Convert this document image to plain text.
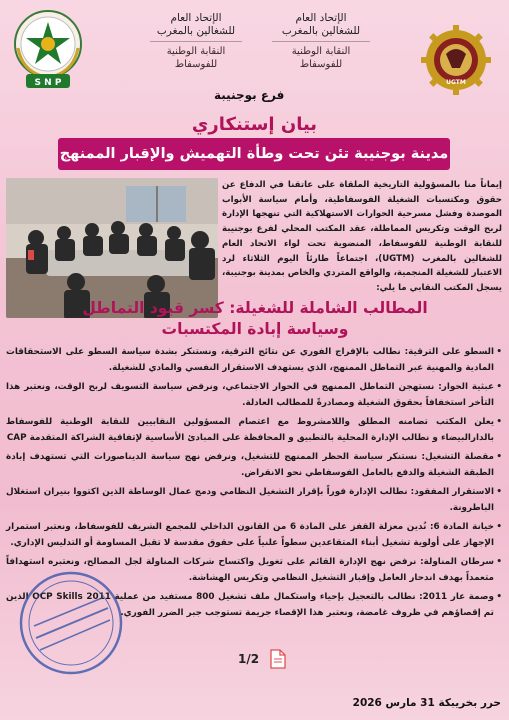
S N P
الإتحاد العام
للشغالين بالمغرب
النقابة الوطنية
للفوسفاط
الإتحاد العام
للشغالين بالمغرب
النقابة الوطنية
للفوسفاط
UGTM
فرع بوجنيبة
بيان إستنكاري
مدينة بوجنيبة تئن تحت وطأة التهميش والإقبار الممنهج

إيماناً منا بالمسؤولية التاريخية الملقاة على عاتقنا في الدفاع عن حقوق ومكتسبات الشغيلة الفوسفاطية، وأمام سياسة الأبواب الموصدة وفشل مسرحية الحوارات الاستهلاكية التي تنهجها الإدارة لربح الوقت وتكريس المماطلة، عقد المكتب المحلي لفرع بوجنيبة للنقابة الوطنية للفوسفاط، المنضوية تحت لواء الاتحاد العام للشغالين بالمغرب (UGTM)، اجتماعاً طارئاً اليوم الثلاثاء لرد الاعتبار للشغيلة المنجمية، والواقع المتردي والخاص بمدينة بوجنيبة، يسجل المكتب النقابي ما يلي:

المطالب الشاملة للشغيلة: كسر قيود التماطل
وسياسة إبادة المكتسبات
• السطو على الترقية: نطالب بالإفراج الفوري عن نتائج الترقية، ونستنكر بشدة سياسة السطو على الاستحقاقات المادية والمهنية عبر التماطل الممنهج، الذي يستهدف الاستقرار النفسي والمادي للشغيلة.
• عبثية الحوار: نستهجن التماطل الممنهج في الحوار الاجتماعي، ونرفض سياسة التسويف لربح الوقت، ونعتبر هذا التأخر استخفافاً بحقوق الشغيلة ومصادرةً للمطالب العادلة.
• يعلن المكتب تضامنه المطلق واللامشروط مع اعتصام المسؤولين النقابيين للنقابة الوطنية للفوسفاط بالدارالبيضاء و نطالب الإدارة المحلية بالتطبيق و المحافظة على المبادئ الأساسية لإتفاقية الشراكة المتقدمة CAP
• مقصلة التشغيل: نستنكر سياسة الحظر الممنهج للتشغيل، ونرفض نهج سياسة الديناصورات التي تستهدف إبادة الطبقة الشغيلة والدفع بالعامل الفوسفاطي نحو الانقراض.
• الاستقرار المفقود: نطالب الإدارة فوراً بإقرار التشغيل النظامي ودمج عمال الوساطة الذين اكتووا بنيران استغلال الباطرونة.
• خيانة المادة 6: نُدين معزلة القفز على المادة 6 من القانون الداخلي للمجمع الشريف للفوسفاط، ونعتبر استمرار الإجهاز على أولوية تشغيل أبناء المتقاعدين سطواً علنياً على حقوق مقدسة لا تقبل المساومة أو التدليس الإداري.
• سرطان المناولة: نرفض نهج الإدارة القائم على تغويل واكتساح شركات المناولة لجل المصالح، ونعتبره استهدافاً متعمداً بهدف اندحار العامل وإقبار التشغيل النظامي وتكريس الهشاشة.
• وصمة عار 2011: نطالب بالتعجيل بإحياء واستكمال ملف تشغيل 800 مستفيد من عملية OCP Skills 2011 الذين تم إقصاؤهم في ظروف غامضة، ونعتبر هذا الإقصاء جريمة تستوجب جبر الضرر الفوري.
1/2
حرر بخريبكة 31 مارس 2026
